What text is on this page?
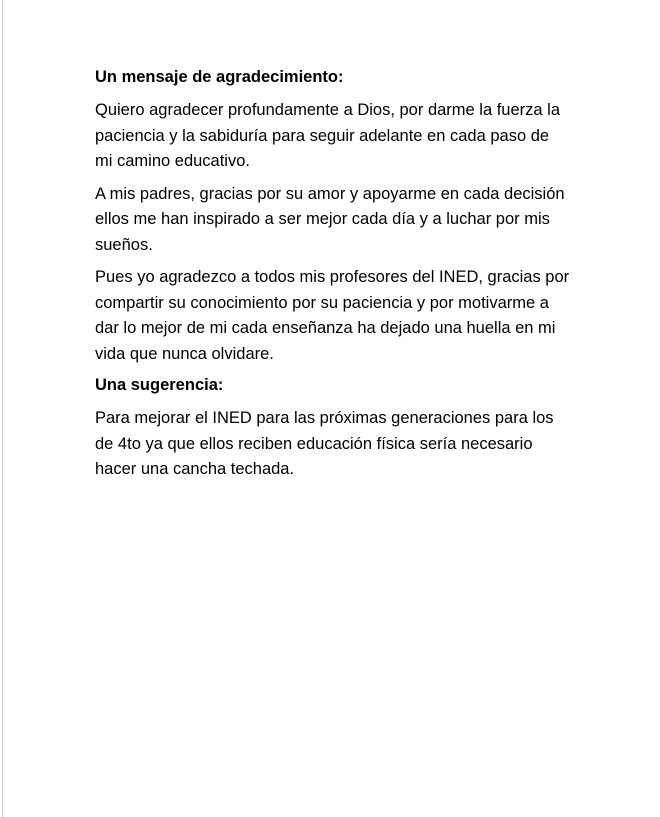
Un mensaje de agradecimiento:

Quiero agradecer profundamente a Dios, por darme la fuerza la paciencia y la sabiduría para seguir adelante en cada paso de mi camino educativo.

A mis padres, gracias por su amor y apoyarme en cada decisión ellos me han inspirado a ser mejor cada día y a luchar por mis sueños.

Pues yo agradezco a todos mis profesores del INED, gracias por compartir su conocimiento por su paciencia y por motivarme a dar lo mejor de mi cada enseñanza ha dejado una huella en mi vida que nunca olvidare.

Una sugerencia:

Para mejorar el INED para las próximas generaciones para los de 4to ya que ellos reciben educación física sería necesario hacer una cancha techada.
